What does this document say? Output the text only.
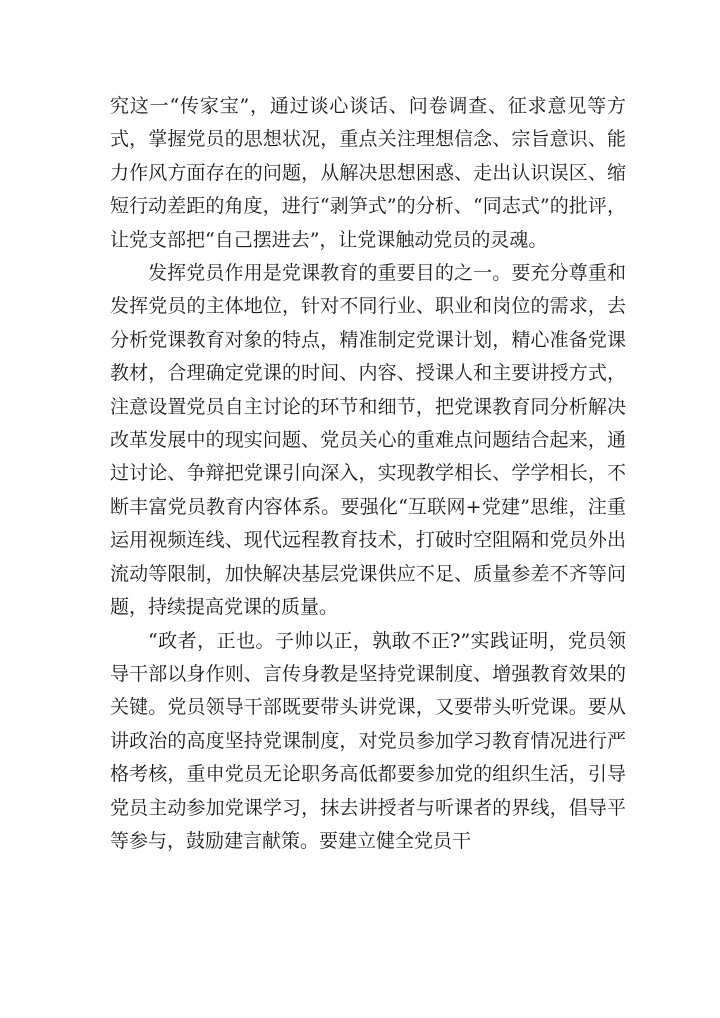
究这一“传家宝”，通过谈心谈话、问卷调查、征求意见等方式，掌握党员的思想状况，重点关注理想信念、宗旨意识、能力作风方面存在的问题，从解决思想困惑、走出认识误区、缩短行动差距的角度，进行“剥笋式”的分析、“同志式”的批评，让党支部把“自己摆进去”，让党课触动党员的灵魂。

发挥党员作用是党课教育的重要目的之一。要充分尊重和发挥党员的主体地位，针对不同行业、职业和岗位的需求，去分析党课教育对象的特点，精准制定党课计划，精心准备党课教材，合理确定党课的时间、内容、授课人和主要讲授方式，注意设置党员自主讨论的环节和细节，把党课教育同分析解决改革发展中的现实问题、党员关心的重难点问题结合起来，通过讨论、争辩把党课引向深入，实现教学相长、学学相长，不断丰富党员教育内容体系。要强化“互联网+党建”思维，注重运用视频连线、现代远程教育技术，打破时空阻隔和党员外出流动等限制，加快解决基层党课供应不足、质量参差不齐等问题，持续提高党课的质量。

“政者，正也。子帅以正，孰敢不正?”实践证明，党员领导干部以身作则、言传身教是坚持党课制度、增强教育效果的关键。党员领导干部既要带头讲党课，又要带头听党课。要从讲政治的高度坚持党课制度，对党员参加学习教育情况进行严格考核，重申党员无论职务高低都要参加党的组织生活，引导党员主动参加党课学习，抹去讲授者与听课者的界线，倡导平等参与，鼓励建言献策。要建立健全党员干
